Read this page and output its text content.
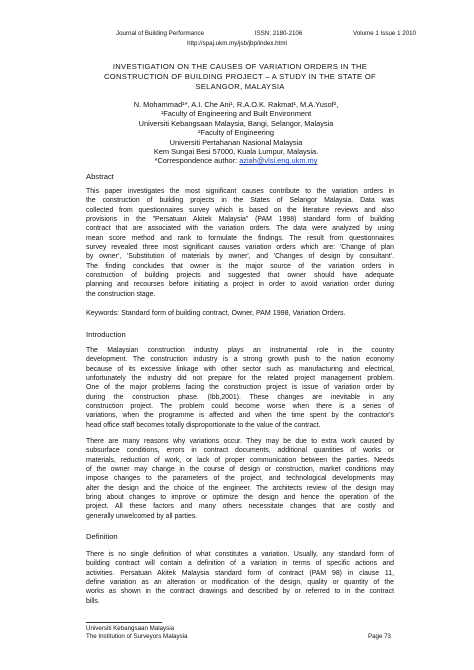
Journal of Building Performance	ISSN: 2180-2106	Volume 1 Issue 1 2010
http://spaj.ukm.my/jsb/jbp/index.html
INVESTIGATION ON THE CAUSES OF VARIATION ORDERS IN THE
CONSTRUCTION OF BUILDING PROJECT – A STUDY IN THE STATE OF
SELANGOR, MALAYSIA
N. Mohammad¹*, A.I. Che Ani¹, R.A.O.K. Rakmat¹, M.A.Yusof²,
¹Faculty of Engineering and Built Environment
Universiti Kebangsaan Malaysia, Bangi, Selangor, Malaysia
²Faculty of Engineering
Universiti Pertahanan Nasional Malaysia
Kem Sungai Besi 57000, Kuala Lumpur, Malaysia.
*Correspondence author: aziah@vlsi.eng.ukm.my
Abstract
This paper investigates the most significant causes contribute to the variation orders in
the construction of building projects in the States of Selangor Malaysia. Data was
collected from questionnaires survey which is based on the literature reviews and also
provisions in the "Persatuan Akitek Malaysia" (PAM 1998) standard form of building
contract that are associated with the variation orders. The data were analyzed by using
mean score method and rank to formulate the findings. The result from questionnaires
survey revealed three most significant causes variation orders which are: 'Change of plan
by owner', 'Substitution of materials by owner', and 'Changes of design by consultant'.
The finding concludes that owner is the major source of the variation orders in
construction of building projects and suggested that owner should have adequate
planning and recourses before initiating a project in order to avoid variation order during
the construction stage.
Keywords: Standard form of building contract, Owner, PAM 1998, Variation Orders.
Introduction
The Malaysian construction industry plays an instrumental role in the country
development. The construction industry is a strong growth push to the nation economy
because of its excessive linkage with other sector such as manufacturing and electrical,
unfortunately the industry did not prepare for the related project management problem.
One of the major problems facing the construction project is issue of variation order by
during the construction phase. (Ibb,2001). These changes are inevitable in any
construction project. The problem could become worse when there is a series of
variations, when the programme is affected and when the time spent by the contractor's
head office staff becomes totally disproportionate to the value of the contract.
There are many reasons why variations occur. They may be due to extra work caused by
subsurface conditions, errors in contract documents, additional quantities of works or
materials, reduction of work, or lack of proper communication between the parties. Needs
of the owner may change in the course of design or construction, market conditions may
impose changes to the parameters of the project, and technological developments may
alter the design and the choice of the engineer. The architects review of the design may
bring about changes to improve or optimize the design and hence the operation of the
project. All these factors and many others necessitate changes that are costly and
generally unwelcomed by all parties.
Definition
There is no single definition of what constitutes a variation. Usually, any standard form of
building contract will contain a definition of a variation in terms of specific actions and
activities. Persatuan Akitek Malaysia standard form of contract (PAM 98) in clause 11,
define variation as an alteration or modification of the design, quality or quantity of the
works as shown in the contract drawings and described by or referred to in the contract
bills.
Universiti Kebangsaan Malaysia
The Institution of Surveyors Malaysia	Page 73
